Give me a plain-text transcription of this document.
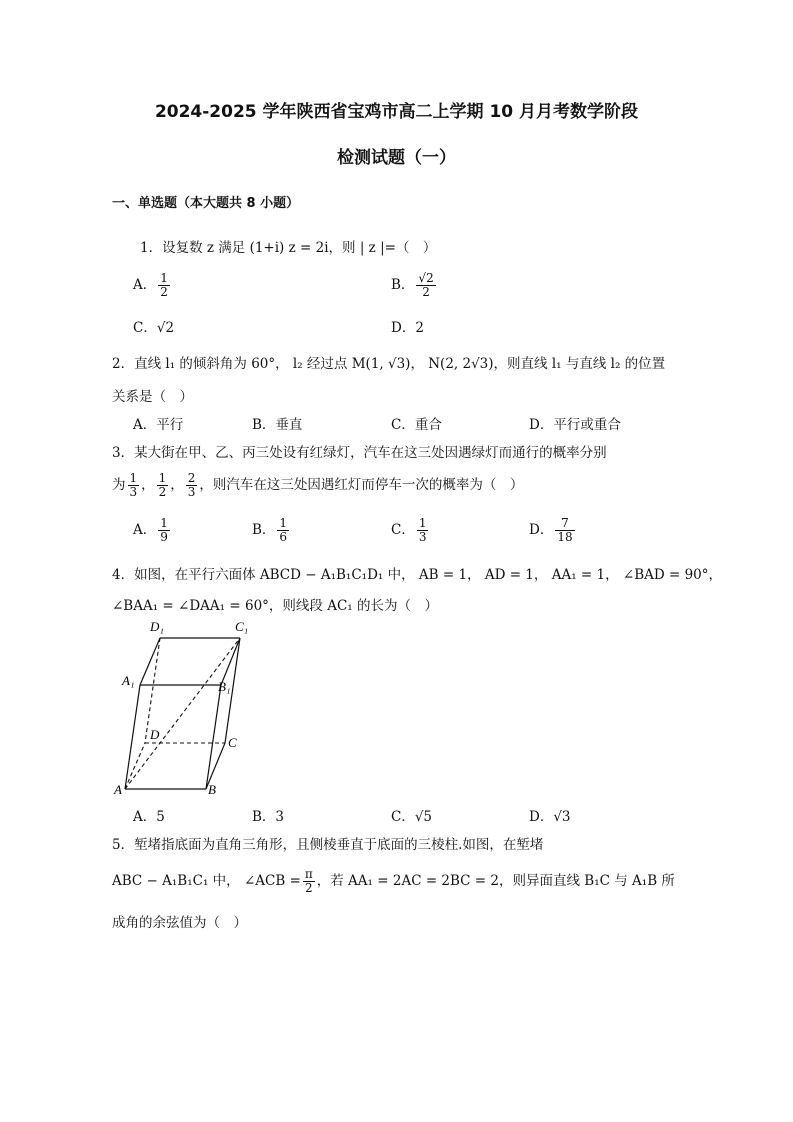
2024-2025 学年陕西省宝鸡市高二上学期 10 月月考数学阶段
检测试题（一）
一、单选题（本大题共 8 小题）
1．设复数 z 满足 (1+i) z = 2i，则 | z |=（　）
A． $\frac{1}{2}$	B． $\frac{√2}{2}$
C．√2	D．2
2．直线 l₁ 的倾斜角为 60°， l₂ 经过点 M(1, √3)， N(2, 2√3)，则直线 l₁ 与直线 l₂ 的位置
关系是（　）
A．平行	B．垂直	C．重合	D．平行或重合
3．某大街在甲、乙、丙三处设有红绿灯，汽车在这三处因遇绿灯而通行的概率分别
为 $\frac{1}{3}$ ， $\frac{1}{2}$ ， $\frac{2}{3}$ ，则汽车在这三处因遇红灯而停车一次的概率为（　）
A． $\frac{1}{9}$	B． $\frac{1}{6}$	C． $\frac{1}{3}$	D． $\frac{7}{18}$
4．如图，在平行六面体 ABCD − A₁B₁C₁D₁ 中， AB = 1， AD = 1， AA₁ = 1， ∠BAD = 90°，
∠BAA₁ = ∠DAA₁ = 60°，则线段 AC₁ 的长为（　）
D₁	C₁
A₁	B₁
D
C
A	B
A．5	B．3	C．√5	D．√3
5．堑堵指底面为直角三角形，且侧棱垂直于底面的三棱柱.如图，在堑堵
ABC − A₁B₁C₁ 中， ∠ACB = $\frac{\pi}{2}$ ，若 AA₁ = 2AC = 2BC = 2，则异面直线 B₁C 与 A₁B 所
成角的余弦值为（　）
